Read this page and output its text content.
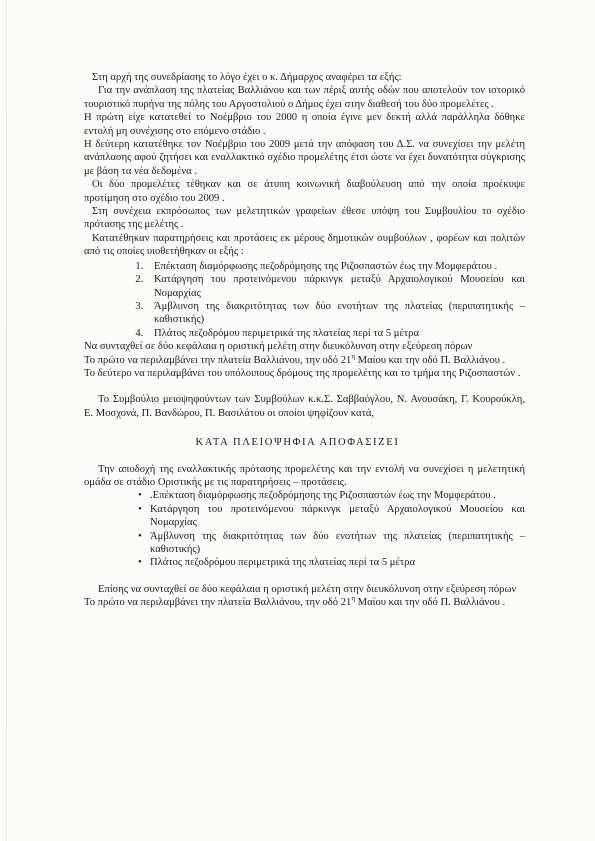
Στη αρχή της συνεδρίασης το λόγο έχει ο κ. Δήμαρχος αναφέρει τα εξής:

Για την ανάπλαση της πλατείας Βαλλιάνου και των πέριξ αυτής οδών που αποτελούν τον ιστορικό τουριστικό πυρήνα της πόλης του Αργοστολιού ο Δήμος έχει στην διαθεσή του δύο προμελέτες .

Η πρώτη είχε κατατεθεί το Νοέμβριο του 2000 η οποία έγινε μεν δεκτή αλλά παράλληλα δόθηκε εντολή μη συνέχισης στο επόμενο στάδιο .

Η δεύτερη κατατέθηκε τον Νοέμβριο του 2009 μετά την απόφαση του Δ.Σ. να συνεχίσει την μελέτη ανάπλασης αφού ζητήσει και εναλλακτικό σχέδιο προμελέτης έτσι ώστε να έχει δυνατότητα σύγκρισης με βάση τα νέα δεδομένα .

Οι δύο προμελέτες τέθηκαν και σε άτυπη κοινωνική διαβούλευση από την οποία προέκυψε προτίμηση στο σχέδιο του 2009 .

Στη συνέχεια εκπρόσωπος των μελετητικών γραφείων έθεσε υπόψη του Συμβουλίου το σχέδιο πρότασης της μελέτης .

Κατατέθηκαν παρατηρήσεις και προτάσεις εκ μέρους δημοτικών συμβούλων , φορέων και πολιτών από τις οποίες υιοθετήθηκαν οι εξής :

1. Επέκταση διαμόρφωσης πεζοδρόμησης της Ριζοσπαστών έως την Μομφεράτου .
2. Κατάργηση του προτεινόμενου πάρκινγκ μεταξύ Αρχαιολογικού Μουσείου και Νομαρχίας
3. Άμβλυνση της διακριτότητας των δύο ενοτήτων της πλατείας (περιπατητικής – καθιστικής)
4. Πλάτος πεζοδρόμου περιμετρικά της πλατείας περί τα 5 μέτρα

Να συνταχθεί σε δύο κεφάλαια η οριστική μελέτη στην διευκόλυνση στην εξεύρεση πόρων

Το πρώτο να περιλαμβάνει την πλατεία Βαλλιάνου, την οδό $21^\eta$ Μαίου και την οδό Π. Βαλλιάνου .

Το δεύτερο να περιλαμβάνει του υπόλοιπους δρόμους της προμελέτης και το τμήμα της Ριζοσπαστών .

Το Συμβούλιο μειοψηφούντων των Συμβούλων κ.κ.Σ. Σαββαόγλου, Ν. Ανουσάκη, Γ. Κουρούκλη, Ε. Μοσχονά, Π. Βανδώρου, Π. Βασιλάτου οι οποίοι ψηφίζουν κατά,

ΚΑΤΑ ΠΛΕΙΟΨΗΦΙΑ ΑΠΟΦΑΣΙΖΕΙ

Την αποδοχή της εναλλακτικής πρότασης προμελέτης και την εντολή να συνεχίσει η μελετητική ομάδα σε στάδιο Οριστικής με τις παρατηρήσεις – προτάσεις.

• .Επέκταση διαμόρφωσης πεζοδρόμησης της Ριζοσπαστών έως την Μομφεράτου .
• Κατάργηση του προτεινόμενου πάρκινγκ μεταξύ Αρχαιολογικού Μουσείου και Νομαρχίας
• Άμβλυνση της διακριτότητας των δύο ενοτήτων της πλατείας (περιπατητικής – καθιστικής)
• Πλάτος πεζοδρόμου περιμετρικά της πλατείας περί τα 5 μέτρα

Επίσης να συνταχθεί σε δύο κεφάλαια η οριστική μελέτη στην διευκόλυνση στην εξεύρεση πόρων

Το πρώτο να περιλαμβάνει την πλατεία Βαλλιάνου, την οδό $21^\eta$ Μαίου και την οδό Π. Βαλλιάνου .
